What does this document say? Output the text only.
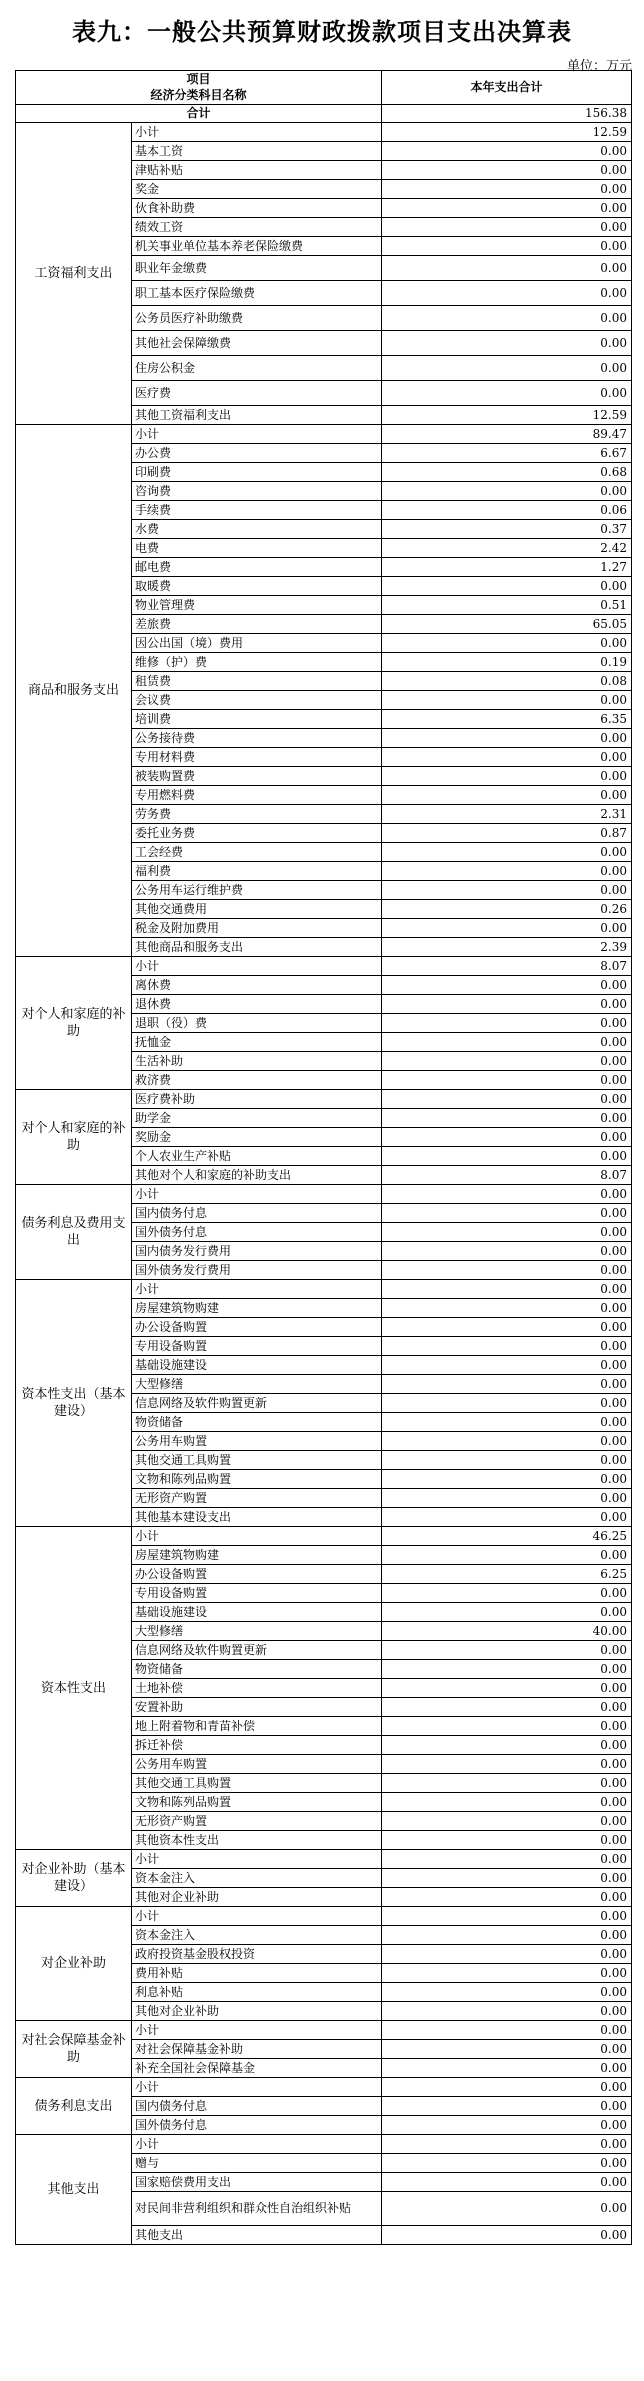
表九：一般公共预算财政拨款项目支出决算表
单位：万元
项目		本年支出合计
经济分类科目名称		
合计		156.38
工资福利支出	小计	12.59
	基本工资	0.00
	津贴补贴	0.00
	奖金	0.00
	伙食补助费	0.00
	绩效工资	0.00
	机关事业单位基本养老保险缴费	0.00
	职业年金缴费	0.00
	职工基本医疗保险缴费	0.00
	公务员医疗补助缴费	0.00
	其他社会保障缴费	0.00
	住房公积金	0.00
	医疗费	0.00
	其他工资福利支出	12.59
商品和服务支出	小计	89.47
	办公费	6.67
	印刷费	0.68
	咨询费	0.00
	手续费	0.06
	水费	0.37
	电费	2.42
	邮电费	1.27
	取暖费	0.00
	物业管理费	0.51
	差旅费	65.05
	因公出国（境）费用	0.00
	维修（护）费	0.19
	租赁费	0.08
	会议费	0.00
	培训费	6.35
	公务接待费	0.00
	专用材料费	0.00
	被装购置费	0.00
	专用燃料费	0.00
	劳务费	2.31
	委托业务费	0.87
	工会经费	0.00
	福利费	0.00
	公务用车运行维护费	0.00
	其他交通费用	0.26
	税金及附加费用	0.00
	其他商品和服务支出	2.39
对个人和家庭的补助	小计	8.07
	离休费	0.00
	退休费	0.00
	退职（役）费	0.00
	抚恤金	0.00
	生活补助	0.00
	救济费	0.00
对个人和家庭的补助	医疗费补助	0.00
	助学金	0.00
	奖励金	0.00
	个人农业生产补贴	0.00
	其他对个人和家庭的补助支出	8.07
债务利息及费用支出	小计	0.00
	国内债务付息	0.00
	国外债务付息	0.00
	国内债务发行费用	0.00
	国外债务发行费用	0.00
资本性支出（基本建设）	小计	0.00
	房屋建筑物购建	0.00
	办公设备购置	0.00
	专用设备购置	0.00
	基础设施建设	0.00
	大型修缮	0.00
	信息网络及软件购置更新	0.00
	物资储备	0.00
	公务用车购置	0.00
	其他交通工具购置	0.00
	文物和陈列品购置	0.00
	无形资产购置	0.00
	其他基本建设支出	0.00
资本性支出	小计	46.25
	房屋建筑物购建	0.00
	办公设备购置	6.25
	专用设备购置	0.00
	基础设施建设	0.00
	大型修缮	40.00
	信息网络及软件购置更新	0.00
	物资储备	0.00
	土地补偿	0.00
	安置补助	0.00
	地上附着物和青苗补偿	0.00
	拆迁补偿	0.00
	公务用车购置	0.00
	其他交通工具购置	0.00
	文物和陈列品购置	0.00
	无形资产购置	0.00
	其他资本性支出	0.00
对企业补助（基本建设）	小计	0.00
	资本金注入	0.00
	其他对企业补助	0.00
对企业补助	小计	0.00
	资本金注入	0.00
	政府投资基金股权投资	0.00
	费用补贴	0.00
	利息补贴	0.00
	其他对企业补助	0.00
对社会保障基金补助	小计	0.00
	对社会保障基金补助	0.00
	补充全国社会保障基金	0.00
债务利息支出	小计	0.00
	国内债务付息	0.00
	国外债务付息	0.00
其他支出	小计	0.00
	赠与	0.00
	国家赔偿费用支出	0.00
	对民间非营利组织和群众性自治组织补贴	0.00
	其他支出	0.00
